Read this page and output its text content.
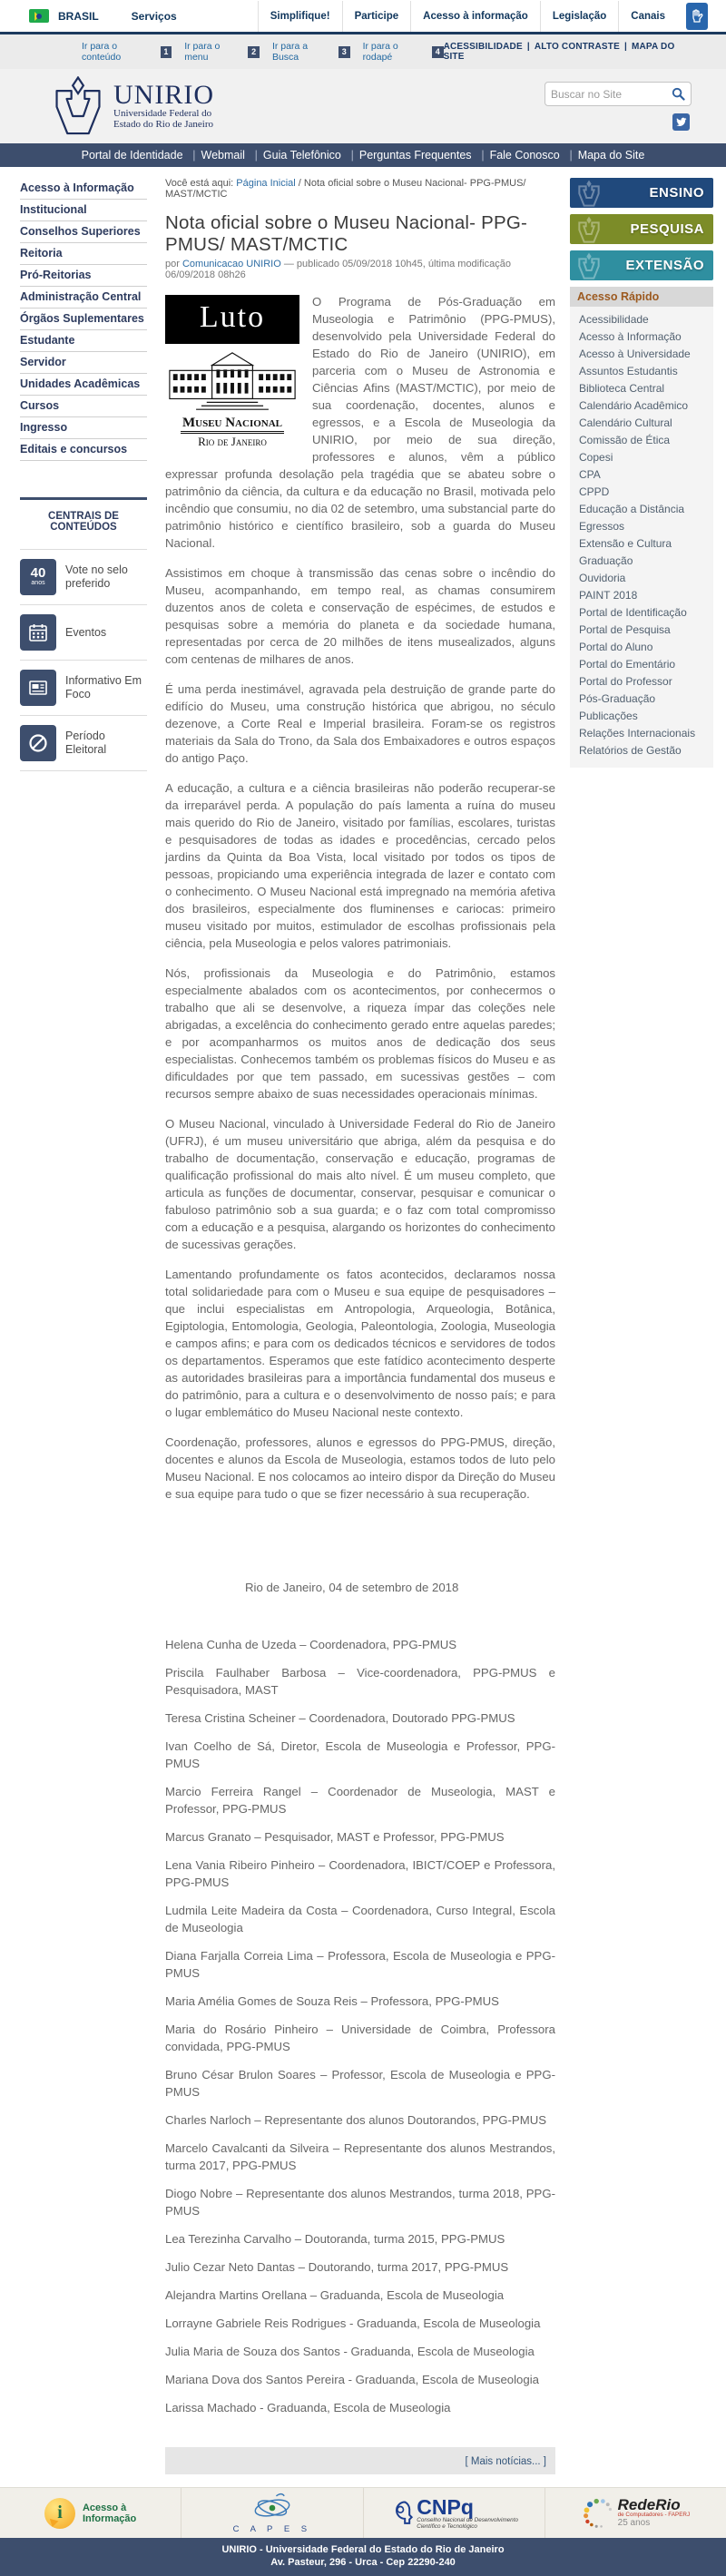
BRASIL	Serviços	Simplifique!	Participe	Acesso à informação	Legislação	Canais
Ir para o conteúdo
1	Ir para o menu
2	Ir para a Busca
3	Ir para o rodapé
4 ACESSIBILIDADE | ALTO CONTRASTE | MAPA DO SITE
UNIRIO
Universidade Federal do
Estado do Rio de Janeiro
Buscar no Site
Portal de Identidade |	Webmail |	Guia Telefônico |	Perguntas Frequentes |	Fale Conosco |	Mapa do Site
Acesso à Informação
Institucional
Conselhos Superiores
Reitoria
Pró-Reitorias
Administração Central
Órgãos Suplementares
Estudante
Servidor
Unidades Acadêmicas
Cursos
Ingresso
Editais e concursos
CENTRAIS DE CONTEÚDOS
40
anos
Vote no selo preferido
Eventos
Informativo Em Foco
Período Eleitoral
Você está aqui: Página Inicial / Nota oficial sobre o Museu Nacional- PPG-PMUS/ MAST/MCTIC
Nota oficial sobre o Museu Nacional- PPG-PMUS/ MAST/MCTIC
por Comunicacao UNIRIO — publicado 05/09/2018 10h45, última modificação 06/09/2018 08h26
Luto
Museu Nacional
Rio de Janeiro

O Programa de Pós-Graduação em Museologia e Patrimônio (PPG-PMUS), desenvolvido pela Universidade Federal do Estado do Rio de Janeiro (UNIRIO), em parceria com o Museu de Astronomia e Ciências Afins (MAST/MCTIC), por meio de sua coordenação, docentes, alunos e egressos, e a Escola de Museologia da UNIRIO, por meio de sua direção, professores e alunos, vêm a público expressar profunda desolação pela tragédia que se abateu sobre o patrimônio da ciência, da cultura e da educação no Brasil, motivada pelo incêndio que consumiu, no dia 02 de setembro, uma substancial parte do patrimônio histórico e científico brasileiro, sob a guarda do Museu Nacional.

Assistimos em choque à transmissão das cenas sobre o incêndio do Museu, acompanhando, em tempo real, as chamas consumirem duzentos anos de coleta e conservação de espécimes, de estudos e pesquisas sobre a memória do planeta e da sociedade humana, representadas por cerca de 20 milhões de itens musealizados, alguns com centenas de milhares de anos.

É uma perda inestimável, agravada pela destruição de grande parte do edifício do Museu, uma construção histórica que abrigou, no século dezenove, a Corte Real e Imperial brasileira. Foram-se os registros materiais da Sala do Trono, da Sala dos Embaixadores e outros espaços do antigo Paço.

A educação, a cultura e a ciência brasileiras não poderão recuperar-se da irreparável perda. A população do país lamenta a ruína do museu mais querido do Rio de Janeiro, visitado por famílias, escolares, turistas e pesquisadores de todas as idades e procedências, cercado pelos jardins da Quinta da Boa Vista, local visitado por todos os tipos de pessoas, propiciando uma experiência integrada de lazer e contato com o conhecimento. O Museu Nacional está impregnado na memória afetiva dos brasileiros, especialmente dos fluminenses e cariocas: primeiro museu visitado por muitos, estimulador de escolhas profissionais pela ciência, pela Museologia e pelos valores patrimoniais.

Nós, profissionais da Museologia e do Patrimônio, estamos especialmente abalados com os acontecimentos, por conhecermos o trabalho que ali se desenvolve, a riqueza ímpar das coleções nele abrigadas, a excelência do conhecimento gerado entre aquelas paredes; e por acompanharmos os muitos anos de dedicação dos seus especialistas. Conhecemos também os problemas físicos do Museu e as dificuldades por que tem passado, em sucessivas gestões – com recursos sempre abaixo de suas necessidades operacionais mínimas.

O Museu Nacional, vinculado à Universidade Federal do Rio de Janeiro (UFRJ), é um museu universitário que abriga, além da pesquisa e do trabalho de documentação, conservação e educação, programas de qualificação profissional do mais alto nível. É um museu completo, que articula as funções de documentar, conservar, pesquisar e comunicar o fabuloso patrimônio sob a sua guarda; e o faz com total compromisso com a educação e a pesquisa, alargando os horizontes do conhecimento de sucessivas gerações.

Lamentando profundamente os fatos acontecidos, declaramos nossa total solidariedade para com o Museu e sua equipe de pesquisadores – que inclui especialistas em Antropologia, Arqueologia, Botânica, Egiptologia, Entomologia, Geologia, Paleontologia, Zoologia, Museologia e campos afins; e para com os dedicados técnicos e servidores de todos os departamentos. Esperamos que este fatídico acontecimento desperte as autoridades brasileiras para a importância fundamental dos museus e do patrimônio, para a cultura e o desenvolvimento de nosso país; e para o lugar emblemático do Museu Nacional neste contexto.

Coordenação, professores, alunos e egressos do PPG-PMUS, direção, docentes e alunos da Escola de Museologia, estamos todos de luto pelo Museu Nacional. E nos colocamos ao inteiro dispor da Direção do Museu e sua equipe para tudo o que se fizer necessário à sua recuperação.

Rio de Janeiro, 04 de setembro de 2018

Helena Cunha de Uzeda – Coordenadora, PPG-PMUS

Priscila Faulhaber Barbosa – Vice-coordenadora, PPG-PMUS e Pesquisadora, MAST

Teresa Cristina Scheiner – Coordenadora, Doutorado PPG-PMUS

Ivan Coelho de Sá, Diretor, Escola de Museologia e Professor, PPG-PMUS

Marcio Ferreira Rangel – Coordenador de Museologia, MAST e Professor, PPG-PMUS

Marcus Granato – Pesquisador, MAST e Professor, PPG-PMUS

Lena Vania Ribeiro Pinheiro – Coordenadora, IBICT/COEP e Professora, PPG-PMUS

Ludmila Leite Madeira da Costa – Coordenadora, Curso Integral, Escola de Museologia

Diana Farjalla Correia Lima – Professora, Escola de Museologia e PPG-PMUS

Maria Amélia Gomes de Souza Reis – Professora, PPG-PMUS

Maria do Rosário Pinheiro – Universidade de Coimbra, Professora convidada, PPG-PMUS

Bruno César Brulon Soares – Professor, Escola de Museologia e PPG-PMUS

Charles Narloch – Representante dos alunos Doutorandos, PPG-PMUS

Marcelo Cavalcanti da Silveira – Representante dos alunos Mestrandos, turma 2017, PPG-PMUS

Diogo Nobre – Representante dos alunos Mestrandos, turma 2018, PPG-PMUS

Lea Terezinha Carvalho – Doutoranda, turma 2015, PPG-PMUS

Julio Cezar Neto Dantas – Doutorando, turma 2017, PPG-PMUS

Alejandra Martins Orellana – Graduanda, Escola de Museologia

Lorrayne Gabriele Reis Rodrigues - Graduanda, Escola de Museologia

Julia Maria de Souza dos Santos - Graduanda, Escola de Museologia

Mariana Dova dos Santos Pereira - Graduanda, Escola de Museologia

Larissa Machado - Graduanda, Escola de Museologia

[ Mais notícias... ]
ENSINO
PESQUISA
EXTENSÃO
Acesso Rápido
Acessibilidade
Acesso à Informação
Acesso à Universidade
Assuntos Estudantis
Biblioteca Central
Calendário Acadêmico
Calendário Cultural
Comissão de Ética
Copesi
CPA
CPPD
Educação a Distância
Egressos
Extensão e Cultura
Graduação
Ouvidoria
PAINT 2018
Portal de Identificação
Portal de Pesquisa
Portal do Aluno
Portal do Ementário
Portal do Professor
Pós-Graduação
Publicações
Relações Internacionais
Relatórios de Gestão
i	Acesso à
Informação
C A P E S
CNPq
Conselho Nacional de Desenvolvimento
Científico e Tecnológico
RedeRio
de Computadores - FAPERJ
25 anos
UNIRIO - Universidade Federal do Estado do Rio de Janeiro
Av. Pasteur, 296 - Urca - Cep 22290-240
